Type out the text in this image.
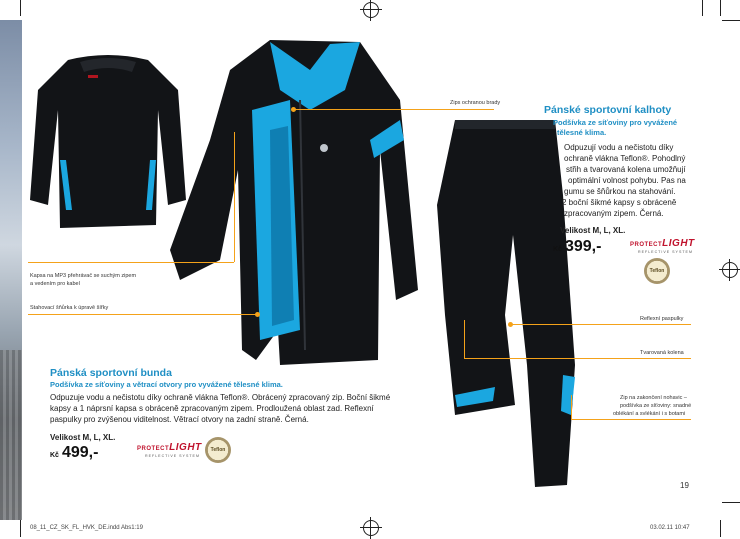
Zips ochranou brady
Kapsa na MP3 přehrávač se suchým zipem
a vedením pro kabel
Stahovací šňůrka k úpravě šířky
Reflexní paspulky
Tvarovaná kolena
Zip na zakončení nohavic –
podšívka ze síťoviny: snadné
oblékání a svlékání i s botami
Pánské sportovní kalhoty
Podšívka ze síťoviny pro vyvážené
tělesné klima.
Odpuzují vodu a nečistotu díky
ochraně vlákna Teflon®. Pohodlný
střih a tvarovaná kolena umožňují
optimální volnost pohybu. Pas na
gumu se šňůrkou na stahování.
2 boční šikmé kapsy s obráceně
zpracovaným zipem. Černá.
Velikost M, L, XL.
Kč 399,-	PROTECTLIGHT
REFLECTIVE SYSTEM
Teflon
Pánská sportovní bunda
Podšívka ze síťoviny a větrací otvory pro vyvážené tělesné klima.
Odpuzuje vodu a nečistotu díky ochraně vlákna Teflon®. Obrácený zpracovaný zip. Boční šikmé kapsy a 1 náprsní kapsa s obráceně zpracovaným zipem. Prodloužená oblast zad. Reflexní paspulky pro zvýšenou viditelnost. Větrací otvory na zadní straně. Černá.
Velikost M, L, XL.
Kč 499,-	PROTECTLIGHT
REFLECTIVE SYSTEM
Teflon
19
08_11_CZ_SK_FL_HVK_DE.indd Abs1:19	03.02.11 10:47
